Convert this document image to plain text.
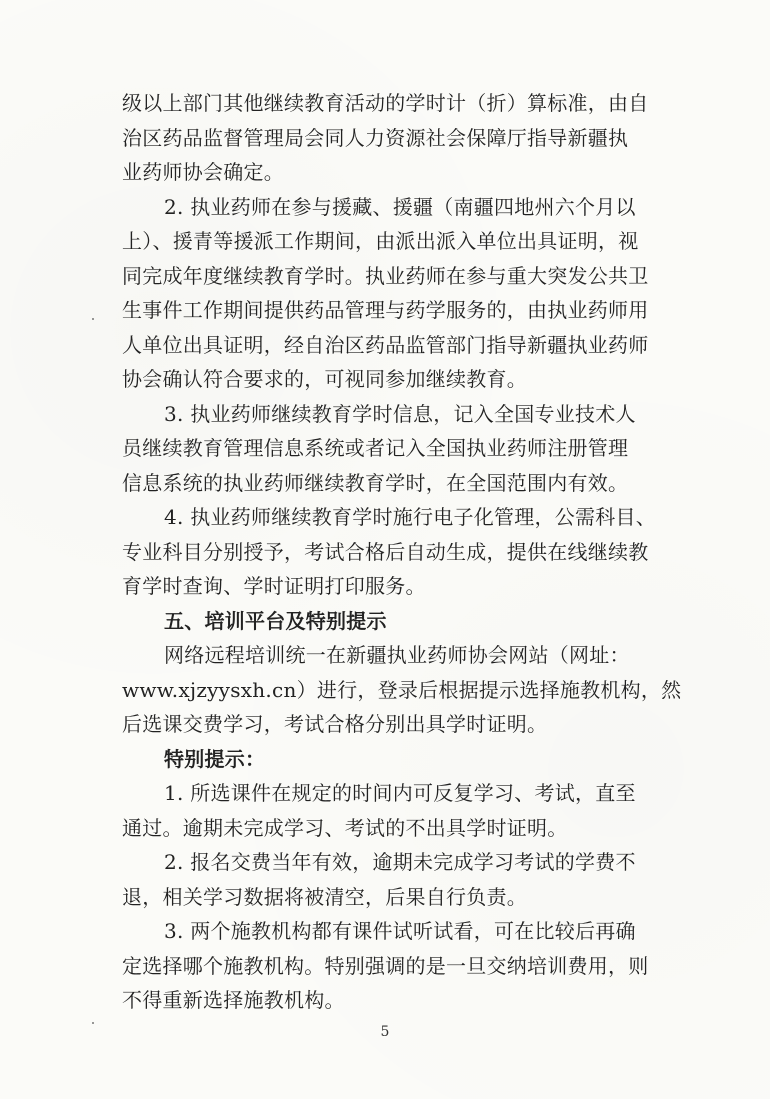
级以上部门其他继续教育活动的学时计（折）算标准，由自
治区药品监督管理局会同人力资源社会保障厅指导新疆执
业药师协会确定。
2. 执业药师在参与援藏、援疆（南疆四地州六个月以
上）、援青等援派工作期间，由派出派入单位出具证明，视
同完成年度继续教育学时。执业药师在参与重大突发公共卫
生事件工作期间提供药品管理与药学服务的，由执业药师用
人单位出具证明，经自治区药品监管部门指导新疆执业药师
协会确认符合要求的，可视同参加继续教育。
3. 执业药师继续教育学时信息，记入全国专业技术人
员继续教育管理信息系统或者记入全国执业药师注册管理
信息系统的执业药师继续教育学时，在全国范围内有效。
4. 执业药师继续教育学时施行电子化管理，公需科目、
专业科目分别授予，考试合格后自动生成，提供在线继续教
育学时查询、学时证明打印服务。
五、培训平台及特别提示
网络远程培训统一在新疆执业药师协会网站（网址：
www.xjzyysxh.cn）进行，登录后根据提示选择施教机构，然
后选课交费学习，考试合格分别出具学时证明。
特别提示：
1. 所选课件在规定的时间内可反复学习、考试，直至
通过。逾期未完成学习、考试的不出具学时证明。
2. 报名交费当年有效，逾期未完成学习考试的学费不
退，相关学习数据将被清空，后果自行负责。
3. 两个施教机构都有课件试听试看，可在比较后再确
定选择哪个施教机构。特别强调的是一旦交纳培训费用，则
不得重新选择施教机构。
5
